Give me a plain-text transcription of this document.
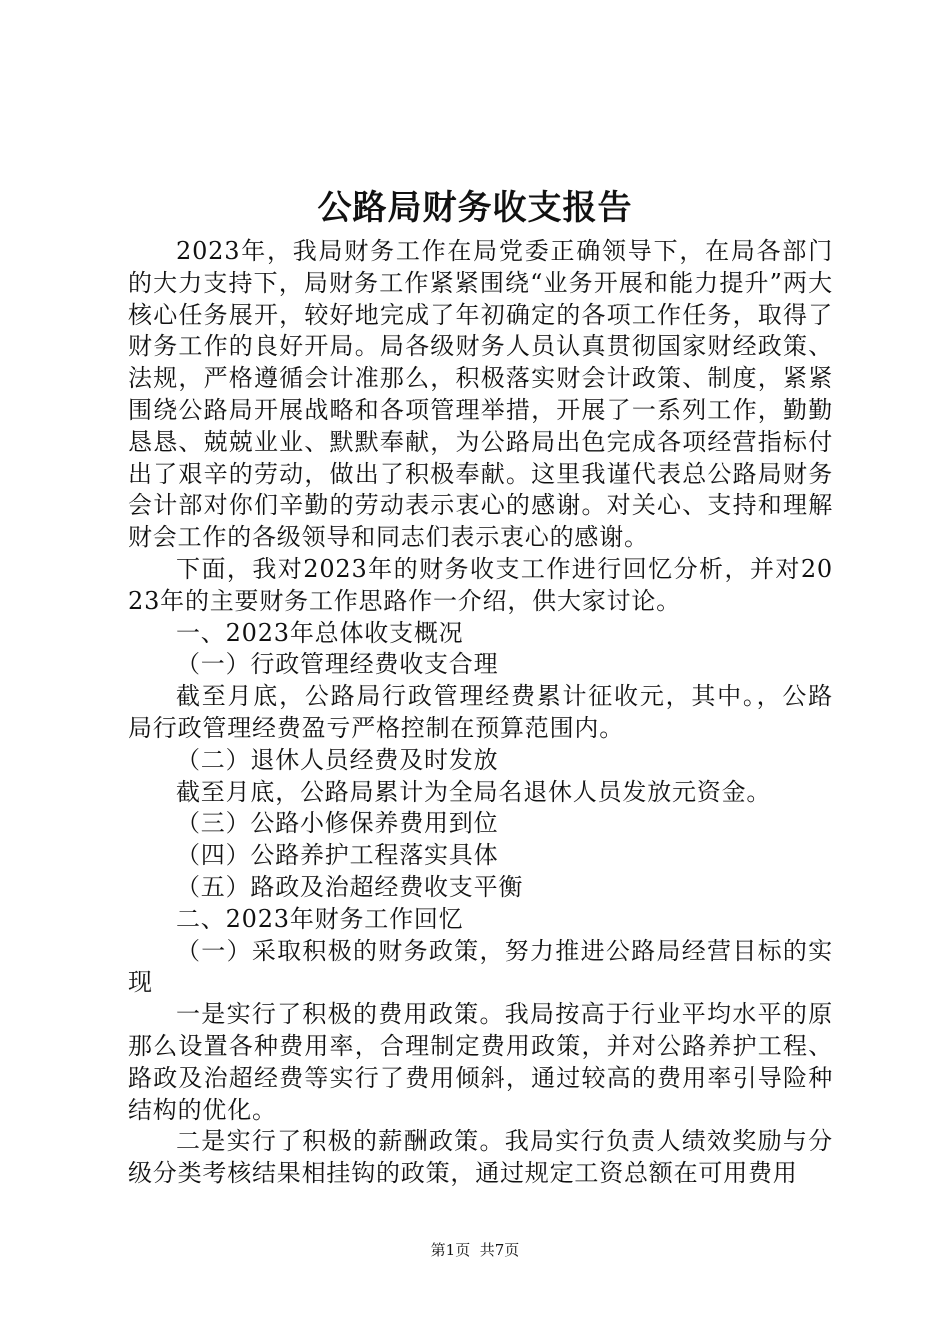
公路局财务收支报告

2023年，我局财务工作在局党委正确领导下，在局各部门的大力支持下，局财务工作紧紧围绕“业务开展和能力提升”两大核心任务展开，较好地完成了年初确定的各项工作任务，取得了财务工作的良好开局。局各级财务人员认真贯彻国家财经政策、法规，严格遵循会计准那么，积极落实财会计政策、制度，紧紧围绕公路局开展战略和各项管理举措，开展了一系列工作，勤勤恳恳、兢兢业业、默默奉献，为公路局出色完成各项经营指标付出了艰辛的劳动，做出了积极奉献。这里我谨代表总公路局财务会计部对你们辛勤的劳动表示衷心的感谢。对关心、支持和理解财会工作的各级领导和同志们表示衷心的感谢。

下面，我对2023年的财务收支工作进行回忆分析，并对2023年的主要财务工作思路作一介绍，供大家讨论。

一、2023年总体收支概况

（一）行政管理经费收支合理

截至月底，公路局行政管理经费累计征收元，其中。，公路局行政管理经费盈亏严格控制在预算范围内。

（二）退休人员经费及时发放

截至月底，公路局累计为全局名退休人员发放元资金。

（三）公路小修保养费用到位

（四）公路养护工程落实具体

（五）路政及治超经费收支平衡

二、2023年财务工作回忆

（一）采取积极的财务政策，努力推进公路局经营目标的实现

一是实行了积极的费用政策。我局按高于行业平均水平的原那么设置各种费用率，合理制定费用政策，并对公路养护工程、路政及治超经费等实行了费用倾斜，通过较高的费用率引导险种结构的优化。

二是实行了积极的薪酬政策。我局实行负责人绩效奖励与分级分类考核结果相挂钩的政策，通过规定工资总额在可用费用

第1页 共7页
